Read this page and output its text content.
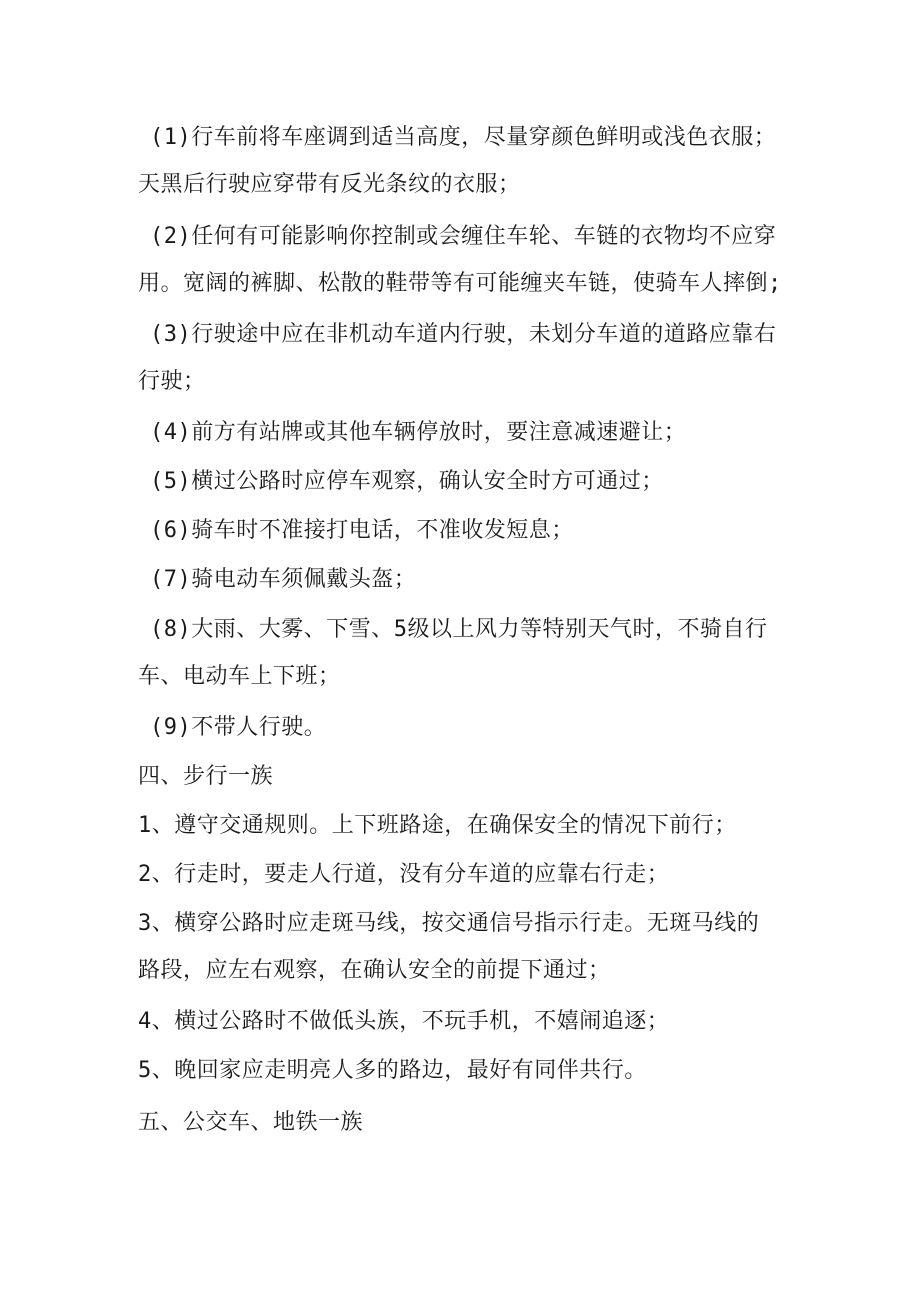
(1)行车前将车座调到适当高度，尽量穿颜色鲜明或浅色衣服；
天黑后行驶应穿带有反光条纹的衣服；
(2)任何有可能影响你控制或会缠住车轮、车链的衣物均不应穿
用。宽阔的裤脚、松散的鞋带等有可能缠夹车链，使骑车人摔倒;
(3)行驶途中应在非机动车道内行驶，未划分车道的道路应靠右
行驶；
(4)前方有站牌或其他车辆停放时，要注意减速避让；
(5)横过公路时应停车观察，确认安全时方可通过；
(6)骑车时不准接打电话，不准收发短息；
(7)骑电动车须佩戴头盔；
(8)大雨、大雾、下雪、5级以上风力等特别天气时，不骑自行
车、电动车上下班；
(9)不带人行驶。
四、步行一族
1、遵守交通规则。上下班路途，在确保安全的情况下前行；
2、行走时，要走人行道，没有分车道的应靠右行走；
3、横穿公路时应走斑马线，按交通信号指示行走。无斑马线的
路段，应左右观察，在确认安全的前提下通过；
4、横过公路时不做低头族，不玩手机，不嬉闹追逐；
5、晚回家应走明亮人多的路边，最好有同伴共行。
五、公交车、地铁一族
